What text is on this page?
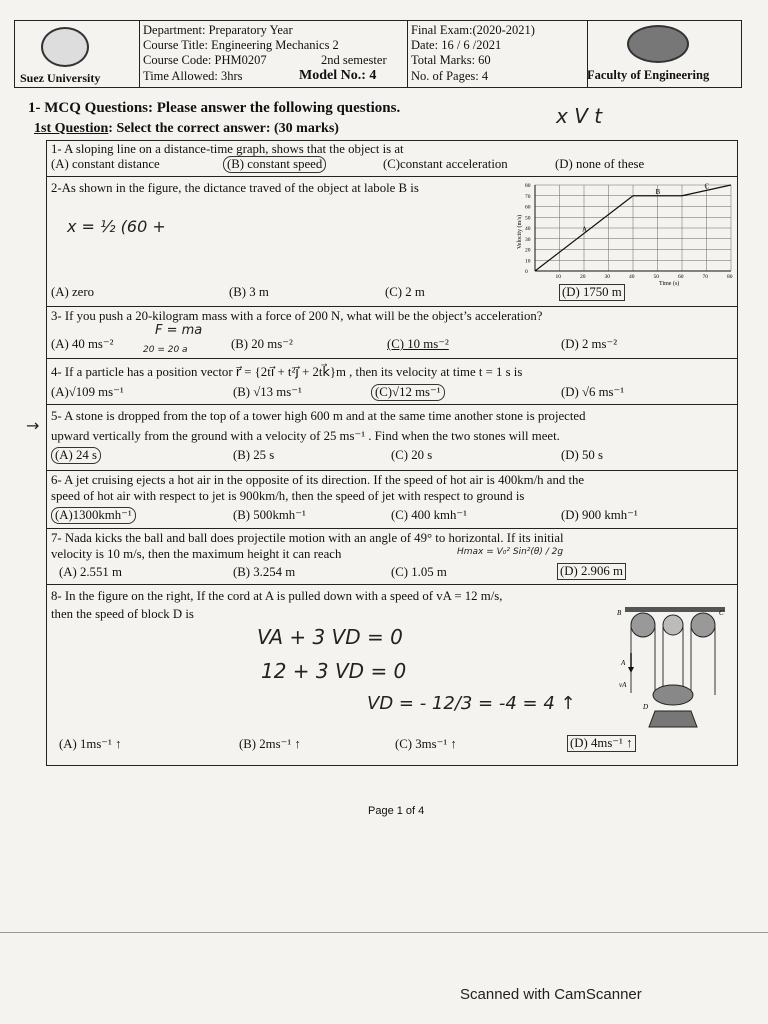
Suez University
Department: Preparatory Year
Course Title: Engineering Mechanics 2
Course Code: PHM0207	2nd semester
Time Allowed: 3hrs	Model No.: 4
Final Exam:(2020-2021)
Date: 16 / 6 /2021
Total Marks: 60
No. of Pages: 4	Faculty of Engineering
1- MCQ Questions: Please answer the following questions.
1st Question: Select the correct answer: (30 marks)
x V t
1- A sloping line on a distance-time graph, shows that the object is at
(A) constant distance	(B) constant speed	(C)constant acceleration	(D) none of these
2-As shown in the figure, the dictance traved of the object at labole B is
x = ½ (60 +
10	20	30	40	50	60	70	80
0
10
20
30
40
50
60
70
80
A
B
C
Velocity (m/s)
Time (s)
(A) zero	(B) 3 m	(C) 2 m	(D) 1750 m
3- If you push a 20-kilogram mass with a force of 200 N, what will be the object’s acceleration?
F = ma
20 = 20 a
(A) 40 ms⁻²	(B) 20 ms⁻²	(C) 10 ms⁻²	(D) 2 ms⁻²
4- If a particle has a position vector r⃗ = {2ti⃗ + t²j⃗ + 2tk⃗}m , then its velocity at time t = 1 s is
(A)√109 ms⁻¹	(B) √13 ms⁻¹	(C)√12 ms⁻¹	(D) √6 ms⁻¹
5- A stone is dropped from the top of a tower high 600 m and at the same time another stone is projected
upward vertically from the ground with a velocity of 25 ms⁻¹ . Find when the two stones will meet.
(A) 24 s	(B) 25 s	(C) 20 s	(D) 50 s
→
6- A jet cruising ejects a hot air in the opposite of its direction. If the speed of hot air is 400km/h and the
speed of hot air with respect to jet is 900km/h, then the speed of jet with respect to ground is
(A)1300kmh⁻¹	(B) 500kmh⁻¹	(C) 400 kmh⁻¹	(D) 900 kmh⁻¹
7- Nada kicks the ball and ball does projectile motion with an angle of 49° to horizontal. If its initial
velocity is 10 m/s, then the maximum height it can reach	Hmax = V₀² Sin²(θ) / 2g
(A) 2.551 m	(B) 3.254 m	(C) 1.05 m	(D) 2.906 m
8- In the figure on the right, If the cord at A is pulled down with a speed of vA = 12 m/s,
then the speed of block D is
VA + 3 VD = 0
12 + 3 VD = 0
VD = - 12/3 = -4 = 4 ↑
B	C
A
vA
D
(A) 1ms⁻¹ ↑	(B) 2ms⁻¹ ↑	(C) 3ms⁻¹ ↑	(D) 4ms⁻¹ ↑
Page 1 of 4
Scanned with CamScanner
